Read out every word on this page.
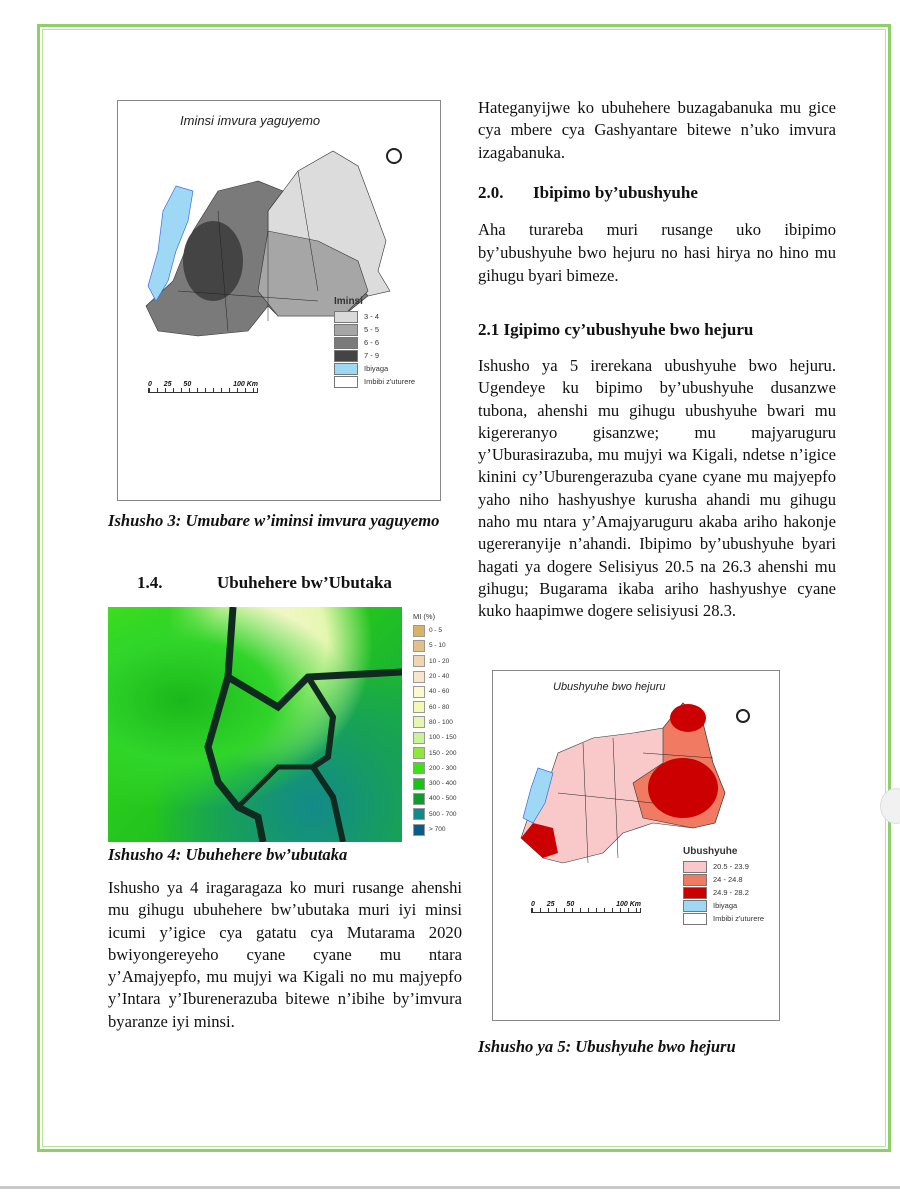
Iminsi imvura yaguyemo
Iminsi
3 - 4
5 - 5
6 - 6
7 - 9
Ibiyaga
Imbibi z'uturere
0 25 50	100 Km
Ishusho 3: Umubare w’iminsi imvura yaguyemo
1.4.	Ubuhehere bw’Ubutaka
MI (%)
0 - 5
5 - 10
10 - 20
20 - 40
40 - 60
60 - 80
80 - 100
100 - 150
150 - 200
200 - 300
300 - 400
400 - 500
500 - 700
> 700
Ishusho 4: Ubuhehere bw’ubutaka
Ishusho ya 4 iragaragaza ko muri rusange ahenshi mu gihugu ubuhehere bw’ubutaka muri iyi minsi icumi y’igice cya gatatu cya Mutarama 2020 bwiyongereyeho cyane cyane mu ntara y’Amajyepfo, mu mujyi wa Kigali no mu majyepfo y’Intara y’Iburenerazuba bitewe n’ibihe by’imvura byaranze iyi minsi.
Hateganyijwe ko ubuhehere buzagabanuka mu gice cya mbere cya Gashyantare bitewe n’uko imvura izagabanuka.
2.0. Ibipimo by’ubushyuhe
Aha turareba muri rusange uko ibipimo by’ubushyuhe bwo hejuru no hasi hirya no hino mu gihugu byari bimeze.
2.1 Igipimo cy’ubushyuhe bwo hejuru
Ishusho ya 5 irerekana ubushyuhe bwo hejuru. Ugendeye ku bipimo by’ubushyuhe dusanzwe tubona, ahenshi mu gihugu ubushyuhe bwari mu kigereranyo gisanzwe; mu majyaruguru y’Uburasirazuba, mu mujyi wa Kigali, ndetse n’igice kinini cy’Uburengerazuba cyane cyane mu majyepfo yaho niho hashyushye kurusha ahandi mu gihugu naho mu ntara y’Amajyaruguru akaba ariho hakonje ugereranyije n’ahandi. Ibipimo by’ubushyuhe byari hagati ya dogere Selisiyus 20.5 na 26.3 ahenshi mu gihugu; Bugarama ikaba ariho hashyushye cyane kuko haapimwe dogere selisiyusi 28.3.
Ubushyuhe bwo hejuru
Ubushyuhe
20.5 - 23.9
24 - 24.8
24.9 - 28.2
Ibiyaga
Imbibi z'uturere
0 25 50	100 Km
Ishusho ya 5: Ubushyuhe bwo hejuru
